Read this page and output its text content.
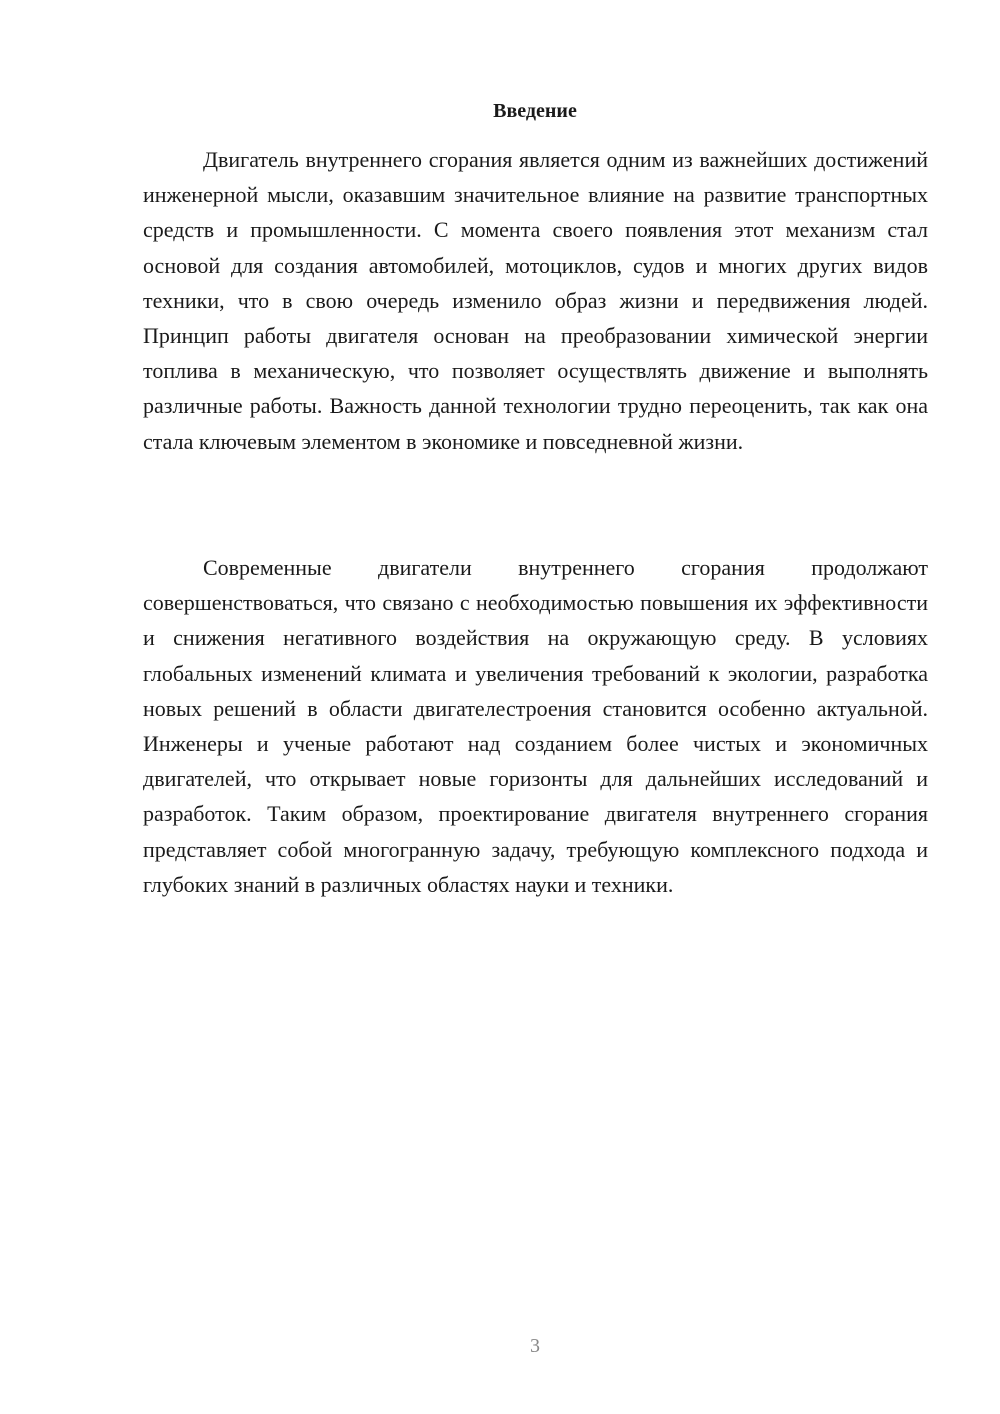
Введение

Двигатель внутреннего сгорания является одним из важнейших достижений инженерной мысли, оказавшим значительное влияние на развитие транспортных средств и промышленности. С момента своего появления этот механизм стал основой для создания автомобилей, мотоциклов, судов и многих других видов техники, что в свою очередь изменило образ жизни и передвижения людей. Принцип работы двигателя основан на преобразовании химической энергии топлива в механическую, что позволяет осуществлять движение и выполнять различные работы. Важность данной технологии трудно переоценить, так как она стала ключевым элементом в экономике и повседневной жизни.

Современные двигатели внутреннего сгорания продолжают совершенствоваться, что связано с необходимостью повышения их эффективности и снижения негативного воздействия на окружающую среду. В условиях глобальных изменений климата и увеличения требований к экологии, разработка новых решений в области двигателестроения становится особенно актуальной. Инженеры и ученые работают над созданием более чистых и экономичных двигателей, что открывает новые горизонты для дальнейших исследований и разработок. Таким образом, проектирование двигателя внутреннего сгорания представляет собой многогранную задачу, требующую комплексного подхода и глубоких знаний в различных областях науки и техники.

3
